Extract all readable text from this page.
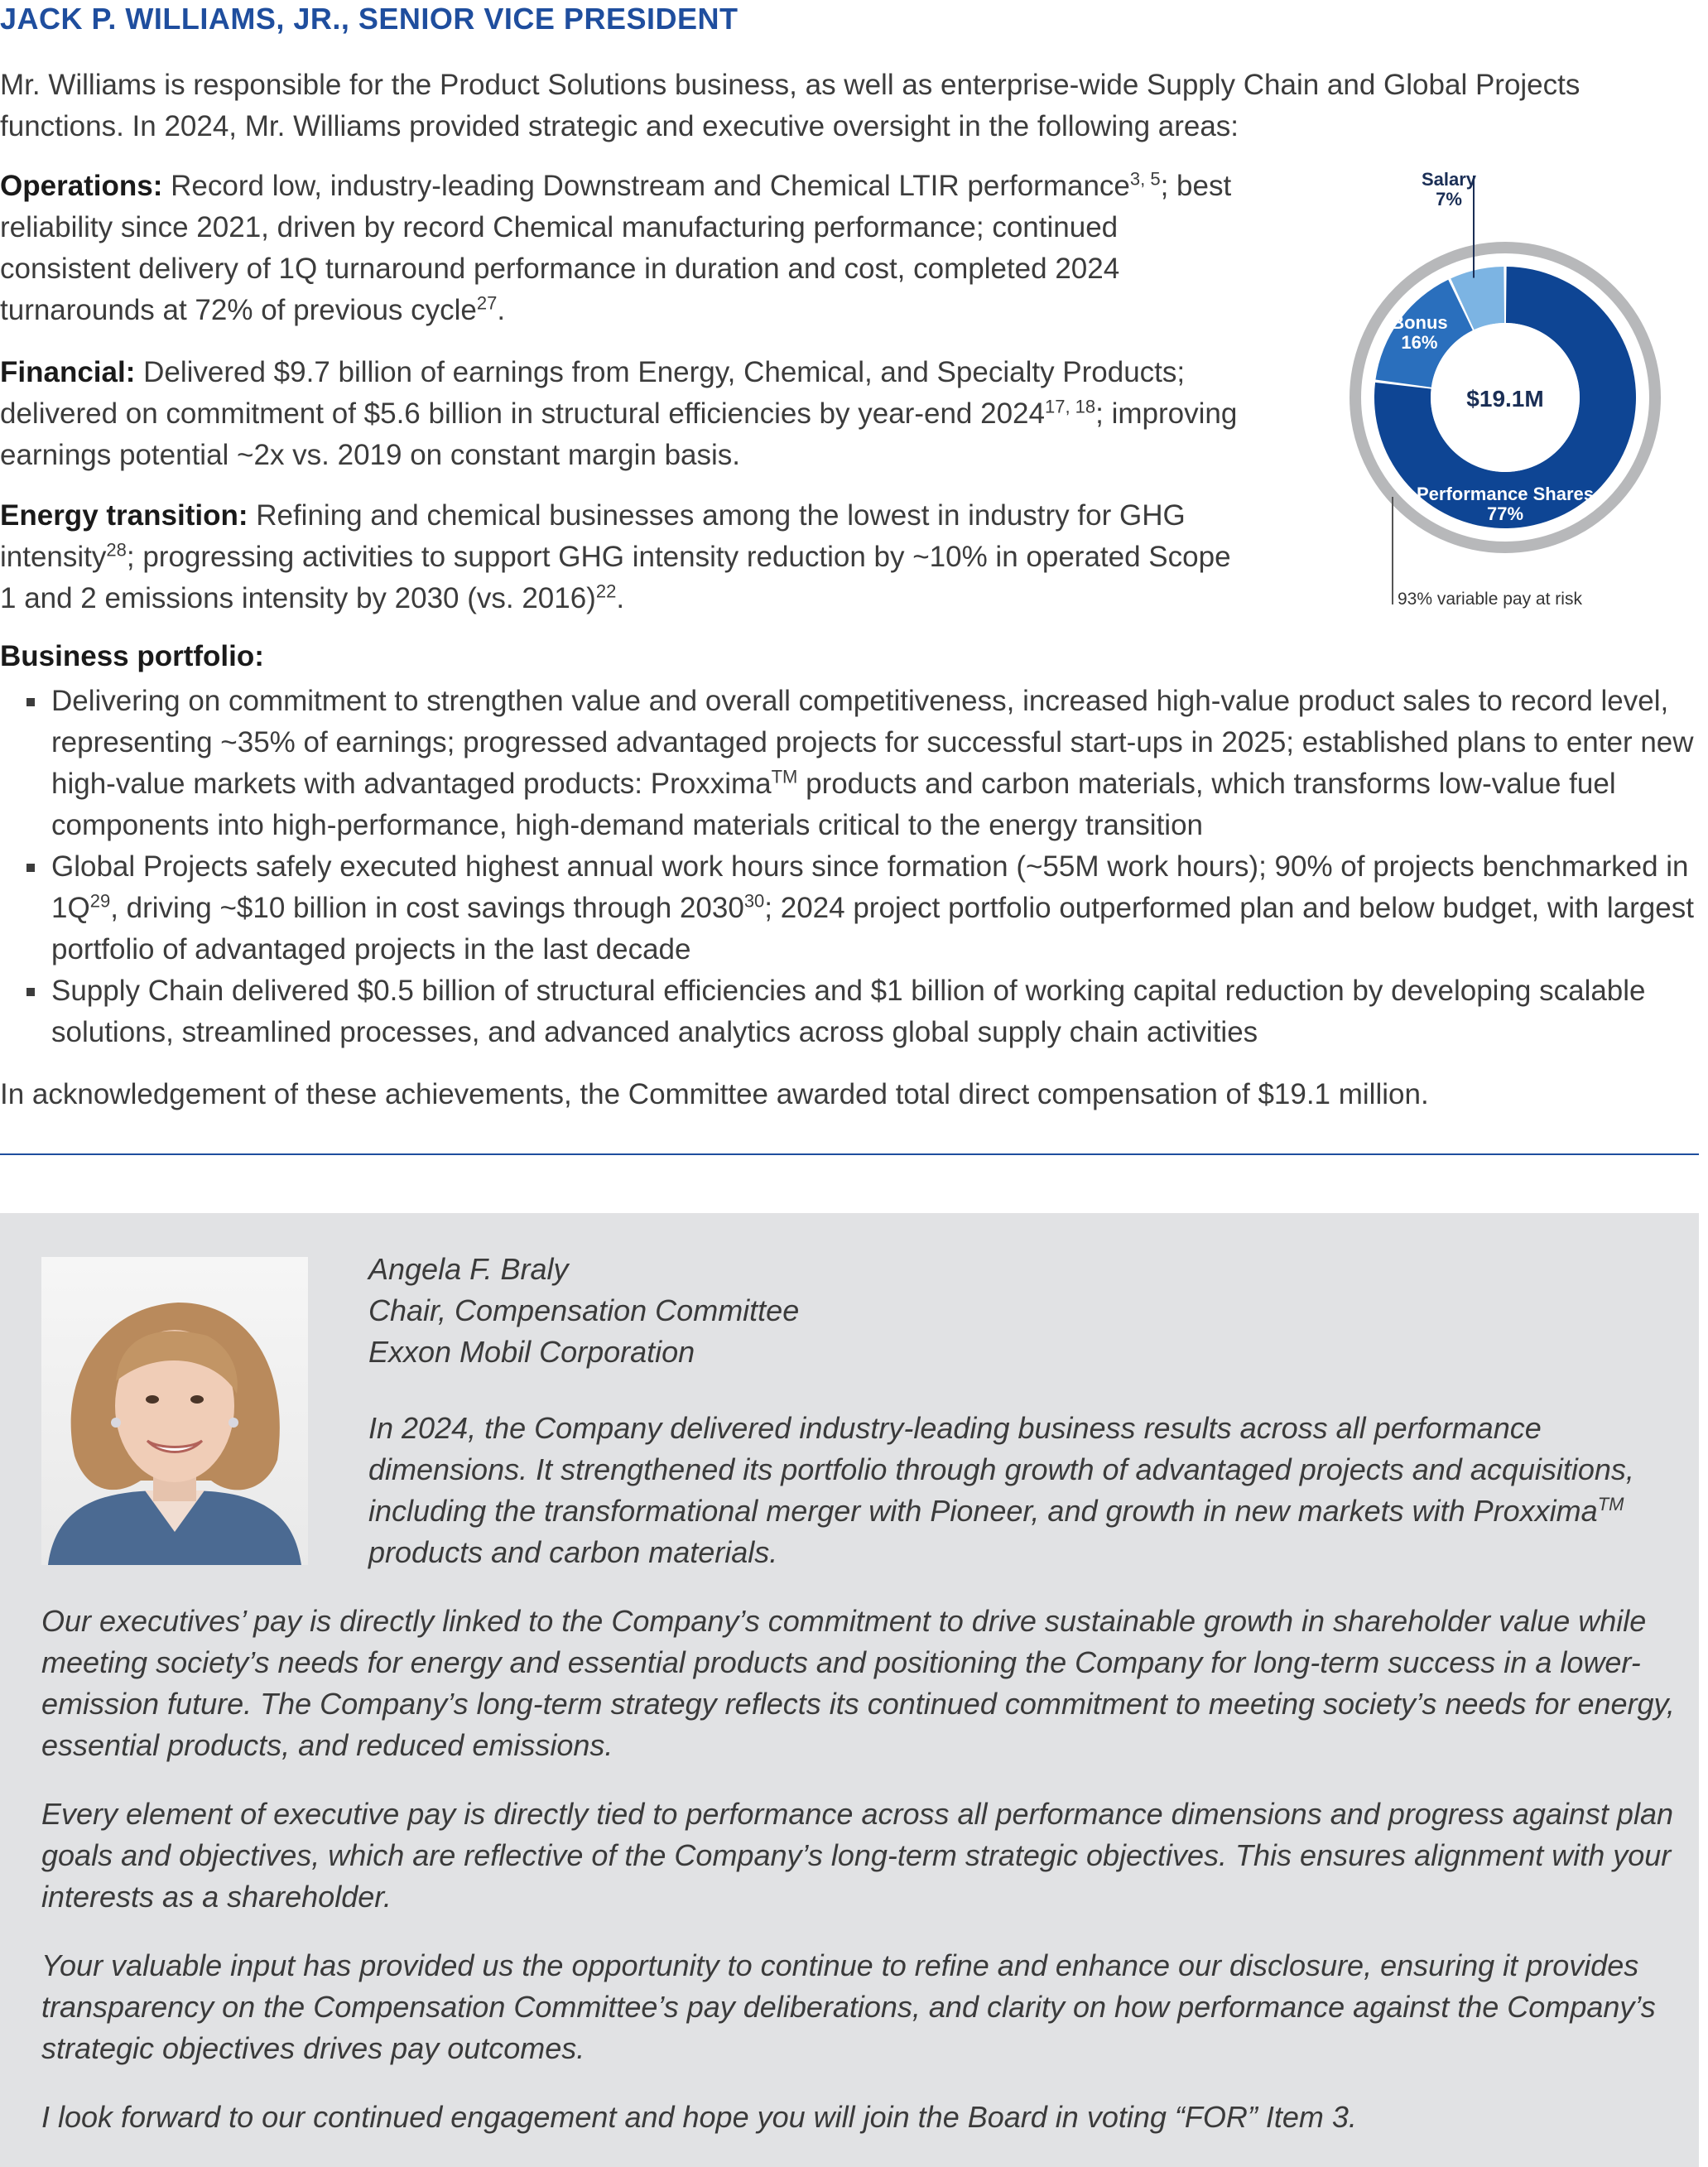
JACK P. WILLIAMS, JR., SENIOR VICE PRESIDENT
Mr. Williams is responsible for the Product Solutions business, as well as enterprise-wide Supply Chain and Global Projects functions. In 2024, Mr. Williams provided strategic and executive oversight in the following areas:
Operations: Record low, industry-leading Downstream and Chemical LTIR performance$^{3, 5}$; best reliability since 2021, driven by record Chemical manufacturing performance; continued consistent delivery of 1Q turnaround performance in duration and cost, completed 2024 turnarounds at 72% of previous cycle$^{27}$.
Financial: Delivered $9.7 billion of earnings from Energy, Chemical, and Specialty Products; delivered on commitment of $5.6 billion in structural efficiencies by year-end 2024$^{17, 18}$; improving earnings potential ~2x vs. 2019 on constant margin basis.
Energy transition: Refining and chemical businesses among the lowest in industry for GHG intensity$^{28}$; progressing activities to support GHG intensity reduction by ~10% in operated Scope 1 and 2 emissions intensity by 2030 (vs. 2016)$^{22}$.
$19.1M
Salary 7%
Bonus 16%
Performance Shares 77%
93% variable pay at risk
Business portfolio:
Delivering on commitment to strengthen value and overall competitiveness, increased high-value product sales to record level, representing ~35% of earnings; progressed advantaged projects for successful start-ups in 2025; established plans to enter new high-value markets with advantaged products: Proxxima™ products and carbon materials, which transforms low-value fuel components into high-performance, high-demand materials critical to the energy transition
Global Projects safely executed highest annual work hours since formation (~55M work hours); 90% of projects benchmarked in $1Q^{29}$, driving ~$10 billion in cost savings through 2030$^{30}$; 2024 project portfolio outperformed plan and below budget, with largest portfolio of advantaged projects in the last decade
Supply Chain delivered $0.5 billion of structural efficiencies and $1 billion of working capital reduction by developing scalable solutions, streamlined processes, and advanced analytics across global supply chain activities
In acknowledgement of these achievements, the Committee awarded total direct compensation of $19.1 million.
Angela F. Braly
Chair, Compensation Committee
Exxon Mobil Corporation
In 2024, the Company delivered industry-leading business results across all performance dimensions. It strengthened its portfolio through growth of advantaged projects and acquisitions, including the transformational merger with Pioneer, and growth in new markets with Proxxima™ products and carbon materials.
Our executives’ pay is directly linked to the Company’s commitment to drive sustainable growth in shareholder value while meeting society’s needs for energy and essential products and positioning the Company for long-term success in a lower-emission future. The Company’s long-term strategy reflects its continued commitment to meeting society’s needs for energy, essential products, and reduced emissions.
Every element of executive pay is directly tied to performance across all performance dimensions and progress against plan goals and objectives, which are reflective of the Company’s long-term strategic objectives. This ensures alignment with your interests as a shareholder.
Your valuable input has provided us the opportunity to continue to refine and enhance our disclosure, ensuring it provides transparency on the Compensation Committee’s pay deliberations, and clarity on how performance against the Company’s strategic objectives drives pay outcomes.
I look forward to our continued engagement and hope you will join the Board in voting “FOR” Item 3.
